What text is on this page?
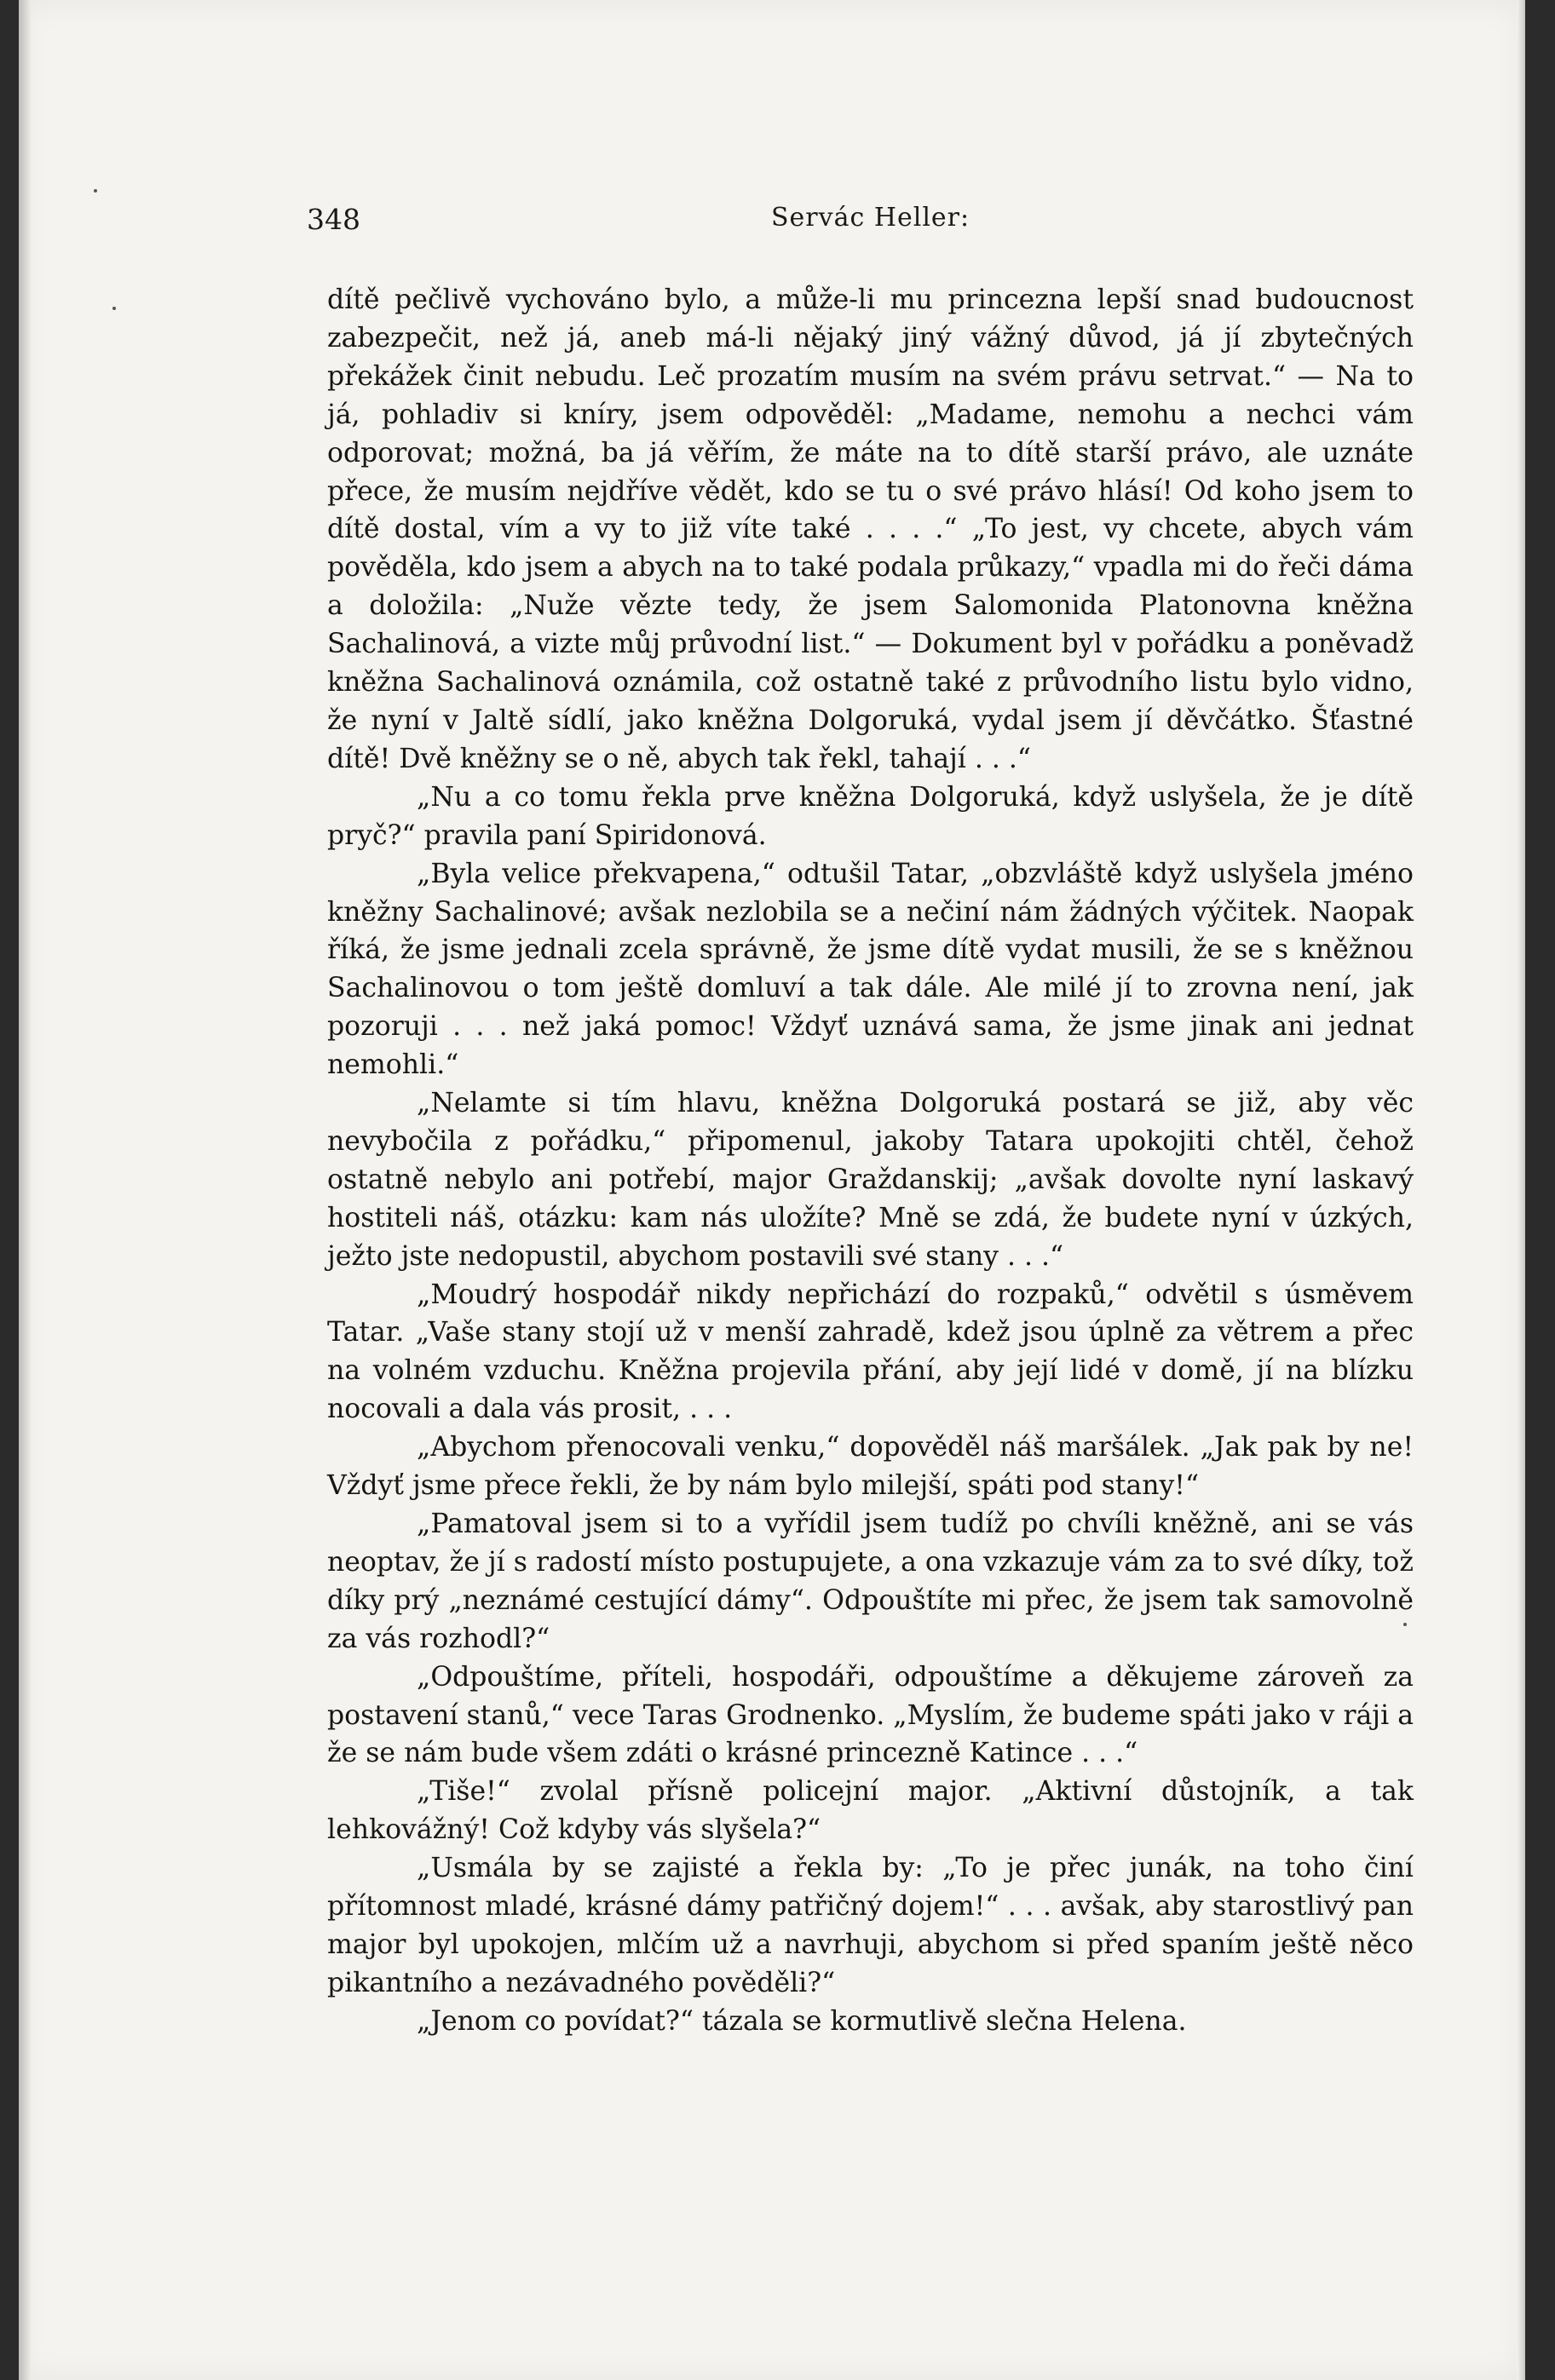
348	Servác Heller:

dítě pečlivě vychováno bylo, a může-li mu princezna lepší snad budoucnost zabezpečit, než já, aneb má-li nějaký jiný vážný důvod, já jí zbytečných překážek činit nebudu. Leč prozatím musím na svém právu setrvat.“ — Na to já, pohladiv si kníry, jsem odpověděl: „Madame, nemohu a nechci vám odporovat; možná, ba já věřím, že máte na to dítě starší právo, ale uznáte přece, že musím nejdříve vědět, kdo se tu o své právo hlásí! Od koho jsem to dítě dostal, vím a vy to již víte také . . . .“ „To jest, vy chcete, abych vám pověděla, kdo jsem a abych na to také podala průkazy,“ vpadla mi do řeči dáma a doložila: „Nuže vězte tedy, že jsem Salomonida Platonovna kněžna Sachalinová, a vizte můj průvodní list.“ — Dokument byl v pořádku a poněvadž kněžna Sachalinová oznámila, což ostatně také z průvodního listu bylo vidno, že nyní v Jaltě sídlí, jako kněžna Dolgoruká, vydal jsem jí děvčátko. Šťastné dítě! Dvě kněžny se o ně, abych tak řekl, tahají . . .“

„Nu a co tomu řekla prve kněžna Dolgoruká, když uslyšela, že je dítě pryč?“ pravila paní Spiridonová.

„Byla velice překvapena,“ odtušil Tatar, „obzvláště když uslyšela jméno kněžny Sachalinové; avšak nezlobila se a nečiní nám žádných výčitek. Naopak říká, že jsme jednali zcela správně, že jsme dítě vydat musili, že se s kněžnou Sachalinovou o tom ještě domluví a tak dále. Ale milé jí to zrovna není, jak pozoruji . . . než jaká pomoc! Vždyť uznává sama, že jsme jinak ani jednat nemohli.“

„Nelamte si tím hlavu, kněžna Dolgoruká postará se již, aby věc nevybočila z pořádku,“ připomenul, jakoby Tatara upokojiti chtěl, čehož ostatně nebylo ani potřebí, major Graždanskij; „avšak dovolte nyní laskavý hostiteli náš, otázku: kam nás uložíte? Mně se zdá, že budete nyní v úzkých, ježto jste nedopustil, abychom postavili své stany . . .“

„Moudrý hospodář nikdy nepřichází do rozpaků,“ odvětil s úsměvem Tatar. „Vaše stany stojí už v menší zahradě, kdež jsou úplně za větrem a přec na volném vzduchu. Kněžna projevila přání, aby její lidé v domě, jí na blízku nocovali a dala vás prosit, . . .

„Abychom přenocovali venku,“ dopověděl náš maršálek. „Jak pak by ne! Vždyť jsme přece řekli, že by nám bylo milejší, spáti pod stany!“

„Pamatoval jsem si to a vyřídil jsem tudíž po chvíli kněžně, ani se vás neoptav, že jí s radostí místo postupujete, a ona vzkazuje vám za to své díky, tož díky prý „neznámé cestující dámy“. Odpouštíte mi přec, že jsem tak samovolně za vás rozhodl?“

„Odpouštíme, příteli, hospodáři, odpouštíme a děkujeme zároveň za postavení stanů,“ vece Taras Grodnenko. „Myslím, že budeme spáti jako v ráji a že se nám bude všem zdáti o krásné princezně Katince . . .“

„Tiše!“ zvolal přísně policejní major. „Aktivní důstojník, a tak lehkovážný! Což kdyby vás slyšela?“

„Usmála by se zajisté a řekla by: „To je přec junák, na toho činí přítomnost mladé, krásné dámy patřičný dojem!“ . . . avšak, aby starostlivý pan major byl upokojen, mlčím už a navrhuji, abychom si před spaním ještě něco pikantního a nezávadného pověděli?“

„Jenom co povídat?“ tázala se kormutlivě slečna Helena.
